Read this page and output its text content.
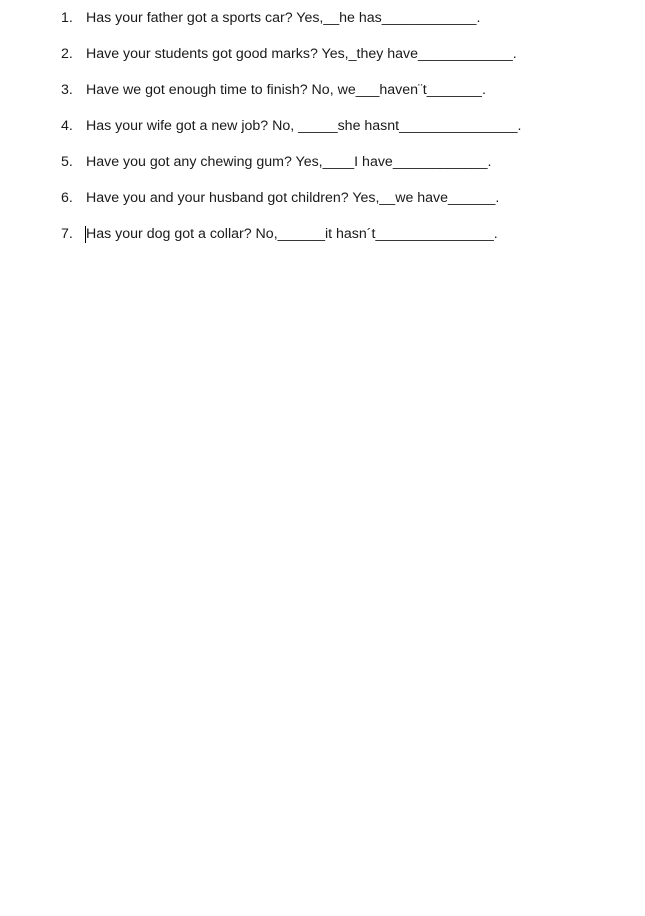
1. Has your father got a sports car? Yes,__he has____________.
2. Have your students got good marks? Yes,_they have____________.
3. Have we got enough time to finish? No, we___haven¨t_______.
4. Has your wife got a new job? No, _____she hasnt_______________.
5. Have you got any chewing gum? Yes,____I have____________.
6. Have you and your husband got children? Yes,__we have______.
7. Has your dog got a collar? No,______it hasn´t_______________.
